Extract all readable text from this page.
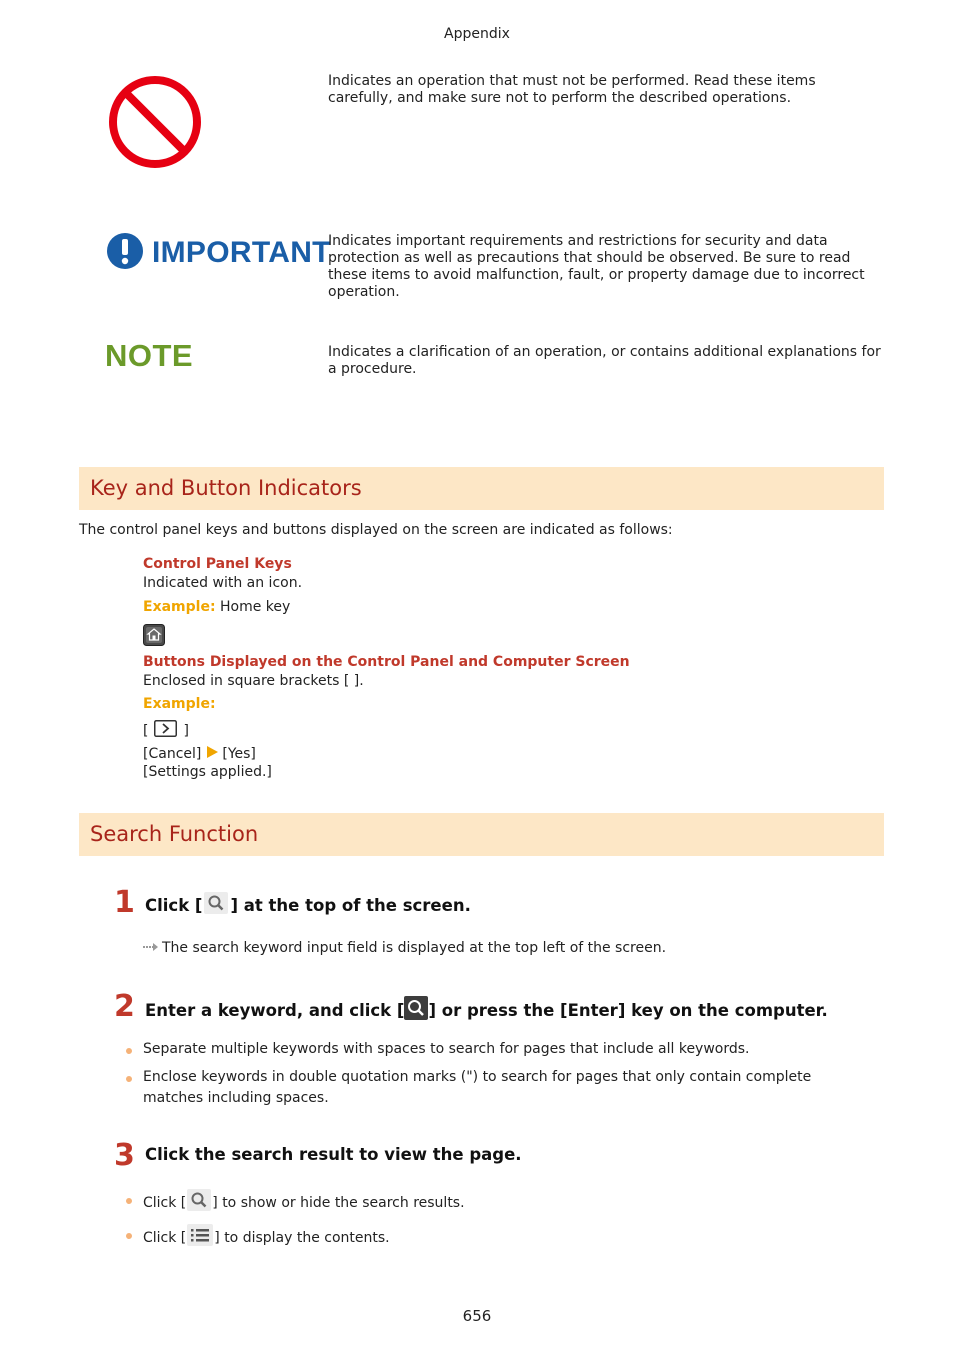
Appendix
Indicates an operation that must not be performed. Read these items carefully, and make sure not to perform the described operations.
IMPORTANT
Indicates important requirements and restrictions for security and data protection as well as precautions that should be observed. Be sure to read these items to avoid malfunction, fault, or property damage due to incorrect operation.
NOTE	Indicates a clarification of an operation, or contains additional explanations for a procedure.
Key and Button Indicators
The control panel keys and buttons displayed on the screen are indicated as follows:
Control Panel Keys
Indicated with an icon.
Example: Home key
Buttons Displayed on the Control Panel and Computer Screen
Enclosed in square brackets [ ].
Example:
[	]
[Cancel] [Yes]
[Settings applied.]
Search Function
1 Click [ ] at the top of the screen.
The search keyword input field is displayed at the top left of the screen.
2 Enter a keyword, and click [ ] or press the [Enter] key on the computer.
Separate multiple keywords with spaces to search for pages that include all keywords.
Enclose keywords in double quotation marks (") to search for pages that only contain complete matches including spaces.
3 Click the search result to view the page.
Click [ ] to show or hide the search results.
Click [ ] to display the contents.
656
